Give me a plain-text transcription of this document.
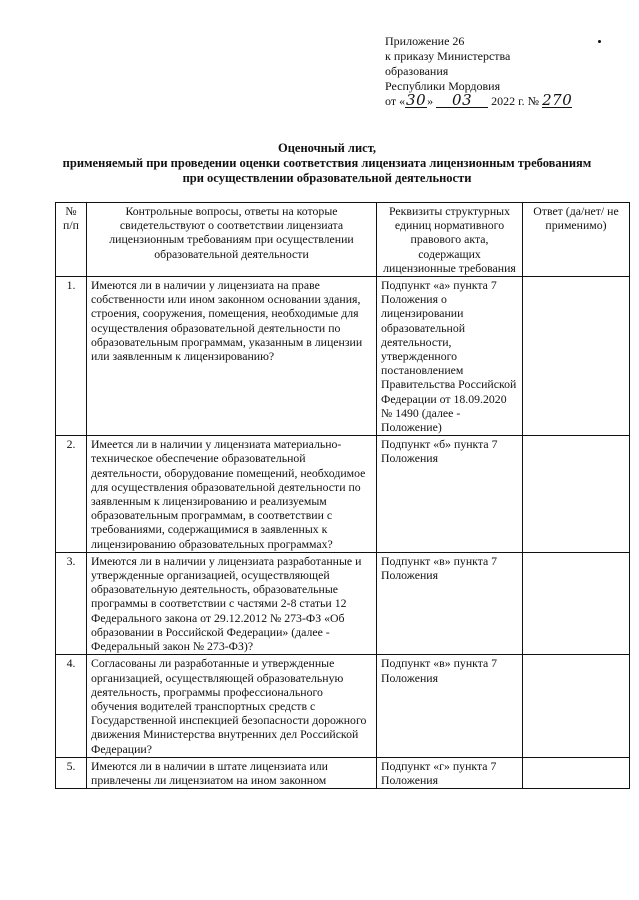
Приложение 26
к приказу Министерства
образования
Республики Мордовия
от «30» 03 2022 г. № 270
Оценочный лист,
применяемый при проведении оценки соответствия лицензиата лицензионным требованиям
при осуществлении образовательной деятельности
№ п/п	Контрольные вопросы, ответы на которые свидетельствуют о соответствии лицензиата лицензионным требованиям при осуществлении образовательной деятельности	Реквизиты структурных единиц нормативного правового акта, содержащих лицензионные требования	Ответ (да/нет/ не применимо)
1.	Имеются ли в наличии у лицензиата на праве собственности или ином законном основании здания, строения, сооружения, помещения, необходимые для осуществления образовательной деятельности по образовательным программам, указанным в лицензии или заявленным к лицензированию?	Подпункт «а» пункта 7 Положения о лицензировании образовательной деятельности, утвержденного постановлением Правительства Российской Федерации от 18.09.2020 № 1490 (далее - Положение)	
2.	Имеется ли в наличии у лицензиата материально-техническое обеспечение образовательной деятельности, оборудование помещений, необходимое для осуществления образовательной деятельности по заявленным к лицензированию и реализуемым образовательным программам, в соответствии с требованиями, содержащимися в заявленных к лицензированию образовательных программах?	Подпункт «б» пункта 7 Положения	
3.	Имеются ли в наличии у лицензиата разработанные и утвержденные организацией, осуществляющей образовательную деятельность, образовательные программы в соответствии с частями 2-8 статьи 12 Федерального закона от 29.12.2012 № 273-ФЗ «Об образовании в Российской Федерации» (далее - Федеральный закон № 273-ФЗ)?	Подпункт «в» пункта 7 Положения	
4.	Согласованы ли разработанные и утвержденные организацией, осуществляющей образовательную деятельность, программы профессионального обучения водителей транспортных средств с Государственной инспекцией безопасности дорожного движения Министерства внутренних дел Российской Федерации?	Подпункт «в» пункта 7 Положения	
5.	Имеются ли в наличии в штате лицензиата или привлечены ли лицензиатом на ином законном	Подпункт «г» пункта 7 Положения	
